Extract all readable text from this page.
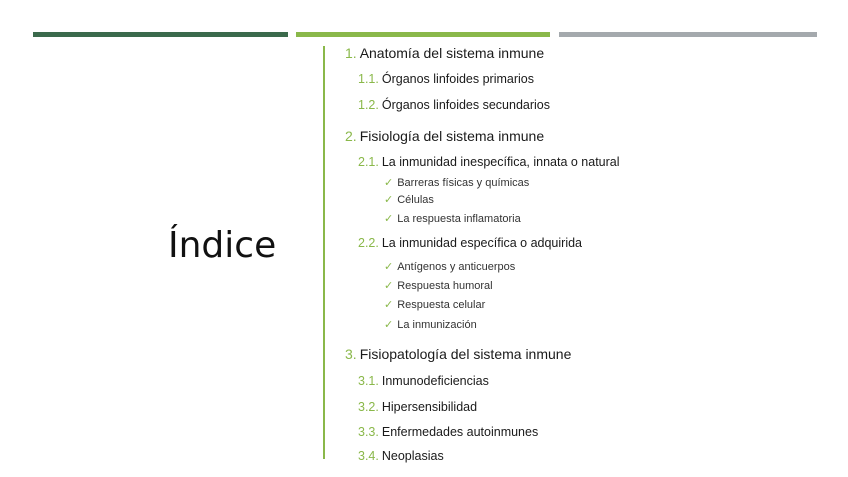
Índice
1. Anatomía del sistema inmune
1.1. Órganos linfoides primarios
1.2. Órganos linfoides secundarios
2. Fisiología del sistema inmune
2.1. La inmunidad inespecífica, innata o natural
✓ Barreras físicas y químicas
✓ Células
✓ La respuesta inflamatoria
2.2. La inmunidad específica o adquirida
✓ Antígenos y anticuerpos
✓ Respuesta humoral
✓ Respuesta celular
✓ La inmunización
3. Fisiopatología del sistema inmune
3.1. Inmunodeficiencias
3.2. Hipersensibilidad
3.3. Enfermedades autoinmunes
3.4. Neoplasias
